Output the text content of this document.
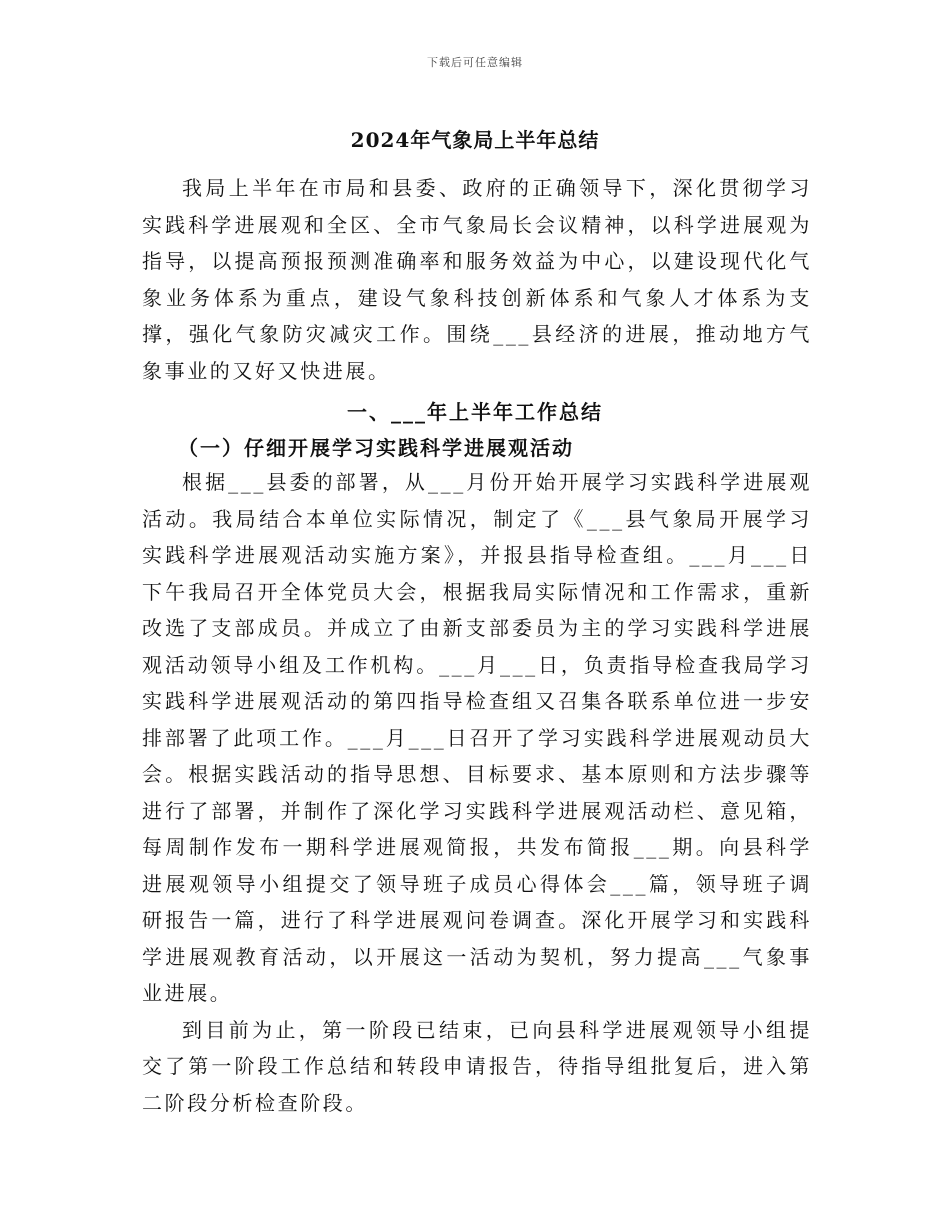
下载后可任意编辑
2024年气象局上半年总结

我局上半年在市局和县委、政府的正确领导下，深化贯彻学习实践科学进展观和全区、全市气象局长会议精神，以科学进展观为指导，以提高预报预测准确率和服务效益为中心，以建设现代化气象业务体系为重点，建设气象科技创新体系和气象人才体系为支撑，强化气象防灾减灾工作。围绕___县经济的进展，推动地方气象事业的又好又快进展。

一、___年上半年工作总结
（一）仔细开展学习实践科学进展观活动

根据___县委的部署，从___月份开始开展学习实践科学进展观活动。我局结合本单位实际情况，制定了《___县气象局开展学习实践科学进展观活动实施方案》，并报县指导检查组。___月___日下午我局召开全体党员大会，根据我局实际情况和工作需求，重新改选了支部成员。并成立了由新支部委员为主的学习实践科学进展观活动领导小组及工作机构。___月___日，负责指导检查我局学习实践科学进展观活动的第四指导检查组又召集各联系单位进一步安排部署了此项工作。___月___日召开了学习实践科学进展观动员大会。根据实践活动的指导思想、目标要求、基本原则和方法步骤等进行了部署，并制作了深化学习实践科学进展观活动栏、意见箱，每周制作发布一期科学进展观简报，共发布简报___期。向县科学进展观领导小组提交了领导班子成员心得体会___篇，领导班子调研报告一篇，进行了科学进展观问卷调查。深化开展学习和实践科学进展观教育活动，以开展这一活动为契机，努力提高___气象事业进展。

到目前为止，第一阶段已结束，已向县科学进展观领导小组提交了第一阶段工作总结和转段申请报告，待指导组批复后，进入第二阶段分析检查阶段。
